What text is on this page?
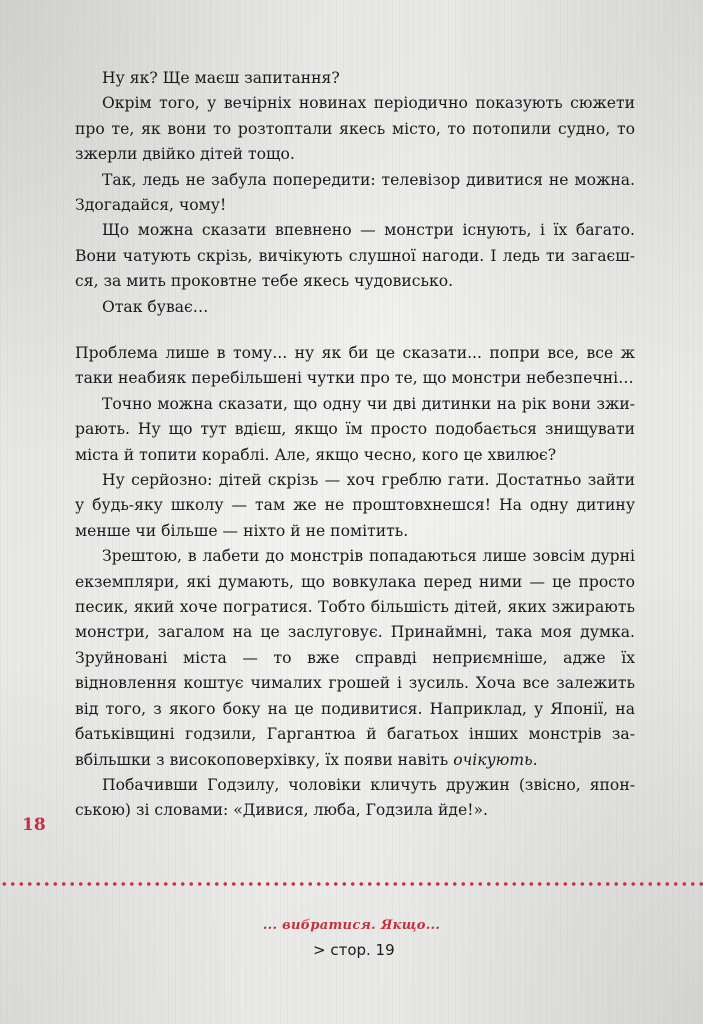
Ну як? Ще маєш запитання?

Окрім того, у вечірніх новинах періодично показують сюжети про те, як вони то розтоптали якесь місто, то потопили судно, то зжерли двійко дітей тощо.

Так, ледь не забула попередити: телевізор дивитися не можна. Здогадайся, чому!

Що можна сказати впевнено — монстри існують, і їх багато. Вони чатують скрізь, вичікують слушної нагоди. І ледь ти загаєшся, за мить проковтне тебе якесь чудовисько.

Отак буває…

Проблема лише в тому... ну як би це сказати... попри все, все ж таки неабияк перебільшені чутки про те, що монстри небезпечні…

Точно можна сказати, що одну чи дві дитинки на рік вони зжирають. Ну що тут вдієш, якщо їм просто подобається знищувати міста й топити кораблі. Але, якщо чесно, кого це хвилює?

Ну серйозно: дітей скрізь — хоч греблю гати. Достатньо зайти у будь-яку школу — там же не проштовхнешся! На одну дитину менше чи більше — ніхто й не помітить.

Зрештою, в лабети до монстрів попадаються лише зовсім дурні екземпляри, які думають, що вовкулака перед ними — це просто песик, який хоче погратися. Тобто більшість дітей, яких зжирають монстри, загалом на це заслуговує. Принаймні, така моя думка. Зруйновані міста — то вже справді неприємніше, адже їх відновлення коштує чималих грошей і зусиль. Хоча все залежить від того, з якого боку на це подивитися. Наприклад, у Японії, на батьківщині годзили, Гаргантюа й багатьох інших монстрів завбільшки з високоповерхівку, їх появи навіть очікують.

Побачивши Годзилу, чоловіки кличуть дружин (звісно, японською) зі словами: «Дивися, люба, Годзила йде!».

18
... вибратися. Якщо...
> стор. 19
